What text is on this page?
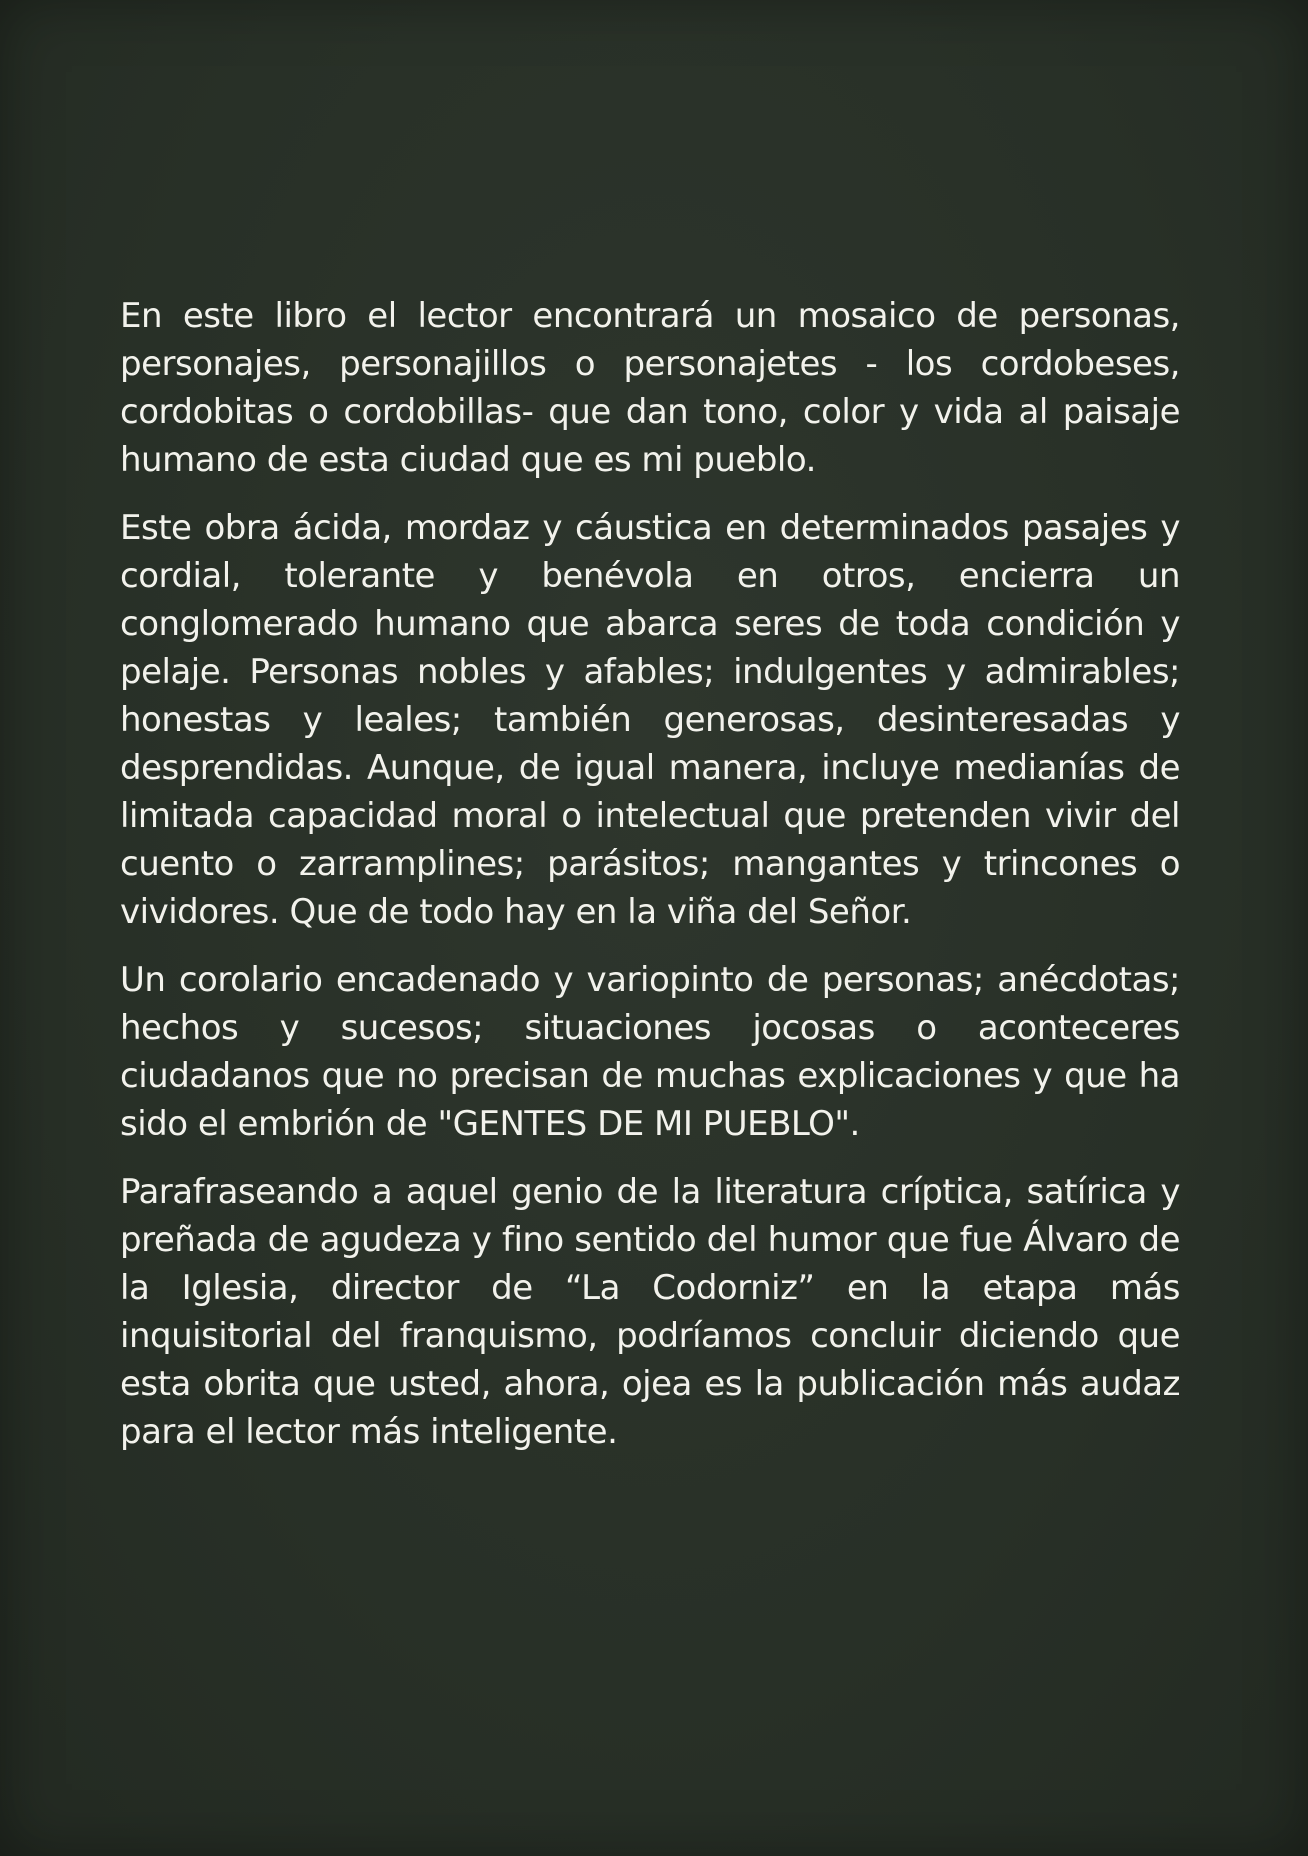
En este libro el lector encontrará un mosaico de personas, personajes, personajillos o personajetes - los cordobeses, cordobitas o cordobillas- que dan tono, color y vida al paisaje humano de esta ciudad que es mi pueblo.

Este obra ácida, mordaz y cáustica en determinados pasajes y cordial, tolerante y benévola en otros, encierra un conglomerado humano que abarca seres de toda condición y pelaje. Personas nobles y afables; indulgentes y admirables; honestas y leales; también generosas, desinteresadas y desprendidas. Aunque, de igual manera, incluye medianías de limitada capacidad moral o intelectual que pretenden vivir del cuento o zarramplines; parásitos; mangantes y trincones o vividores. Que de todo hay en la viña del Señor.

Un corolario encadenado y variopinto de personas; anécdotas; hechos y sucesos; situaciones jocosas o aconteceres ciudadanos que no precisan de muchas explicaciones y que ha sido el embrión de "GENTES DE MI PUEBLO".

Parafraseando a aquel genio de la literatura críptica, satírica y preñada de agudeza y fino sentido del humor que fue Álvaro de la Iglesia, director de “La Codorniz” en la etapa más inquisitorial del franquismo, podríamos concluir diciendo que esta obrita que usted, ahora, ojea es la publicación más audaz para el lector más inteligente.
